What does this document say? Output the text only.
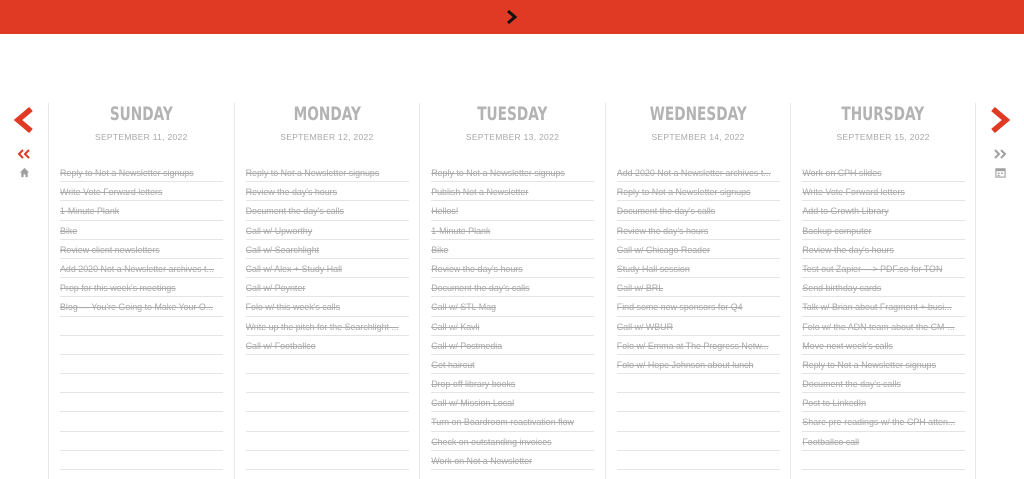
SUNDAY
SEPTEMBER 11, 2022
Reply to Not a Newsletter signups
Write Vote Forward letters
1-Minute Plank
Bike
Review client newsletters
Add 2020 Not a Newsletter archives t...
Prep for this week's meetings
Blog — You're Going to Make Your O...
MONDAY
SEPTEMBER 12, 2022
Reply to Not a Newsletter signups
Review the day's hours
Document the day's calls
Call w/ Upworthy
Call w/ Searchlight
Call w/ Alex + Study Hall
Call w/ Poynter
Folo w/ this week's calls
Write up the pitch for the Searchlight ...
Call w/ Footballco
TUESDAY
SEPTEMBER 13, 2022
Reply to Not a Newsletter signups
Publish Not a Newsletter
Hellos!
1-Minute Plank
Bike
Review the day's hours
Document the day's calls
Call w/ STL Mag
Call w/ Kavli
Call w/ Postmedia
Get haircut
Drop off library books
Call w/ Mission Local
Turn on Boardroom reactivation flow
Check on outstanding invoices
Work on Not a Newsletter
WEDNESDAY
SEPTEMBER 14, 2022
Add 2020 Not a Newsletter archives t...
Reply to Not a Newsletter signups
Document the day's calls
Review the day's hours
Call w/ Chicago Reader
Study Hall session
Call w/ BRL
Find some new sponsors for Q4
Call w/ WBUR
Folo w/ Emma at The Progress Netw...
Folo w/ Hope Johnson about lunch
THURSDAY
SEPTEMBER 15, 2022
Work on CPH slides
Write Vote Forward letters
Add to Growth Library
Backup computer
Review the day's hours
Test out Zapier —> PDF.co for TON
Send birthday cards
Talk w/ Brian about Fragment + busi...
Folo w/ the ADN team about the CM-...
Move next week's calls
Reply to Not a Newsletter signups
Document the day's calls
Post to LinkedIn
Share pre-readings w/ the CPH atten...
Footballco call
